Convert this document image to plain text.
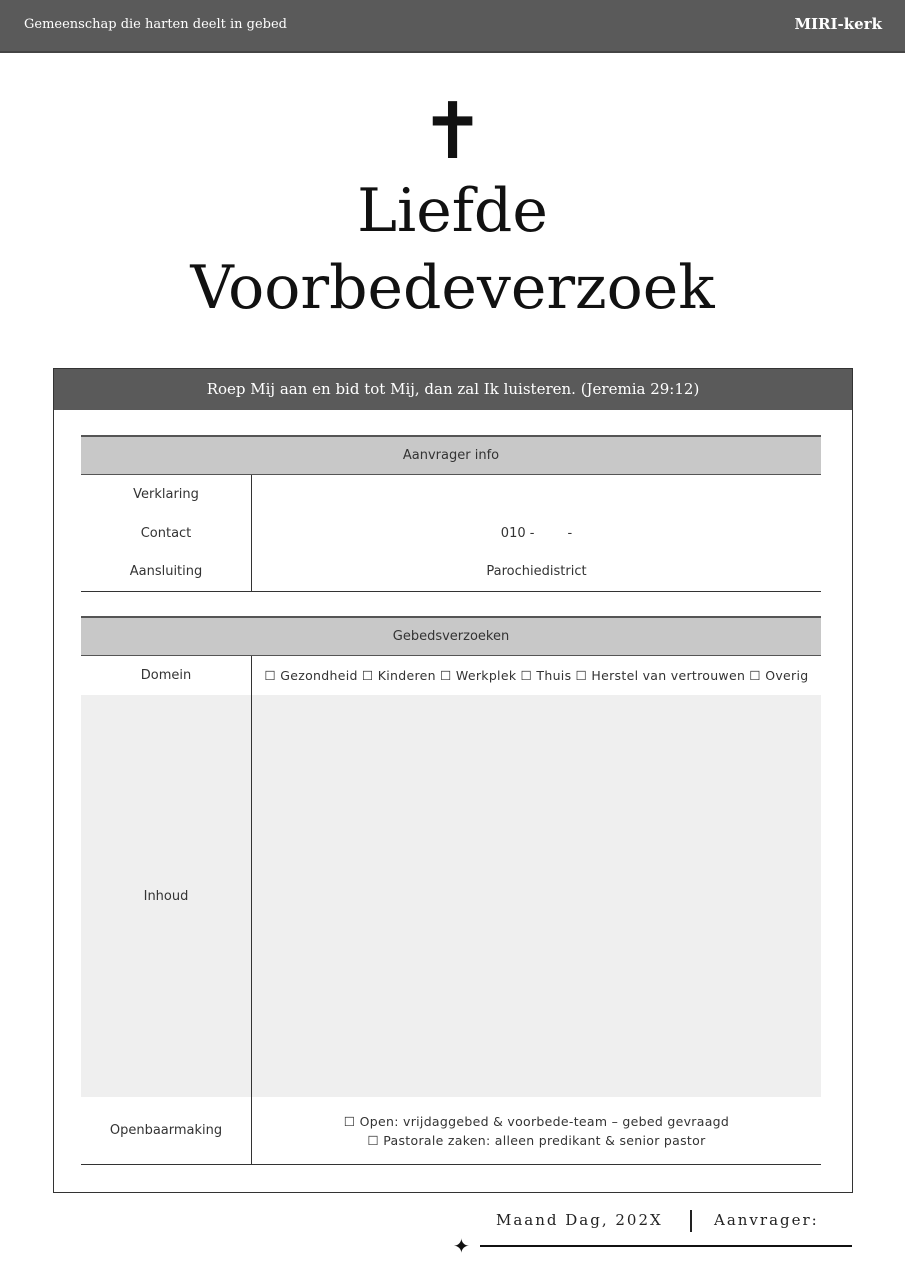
Gemeenschap die harten deelt in gebed	MIRI-kerk
✝
Liefde
Voorbedeverzoek
Roep Mij aan en bid tot Mij, dan zal Ik luisteren. (Jeremia 29:12)
Aanvrager info
Verklaring
Contact	010 -        -
Aansluiting	Parochiedistrict
Gebedsverzoeken
Domein	☐ Gezondheid ☐ Kinderen ☐ Werkplek ☐ Thuis ☐ Herstel van vertrouwen ☐ Overig
Inhoud
Openbaarmaking
☐ Open: vrijdaggebed & voorbede-team – gebed gevraagd
☐ Pastorale zaken: alleen predikant & senior pastor
Maand Dag, 202X	Aanvrager:
✦
